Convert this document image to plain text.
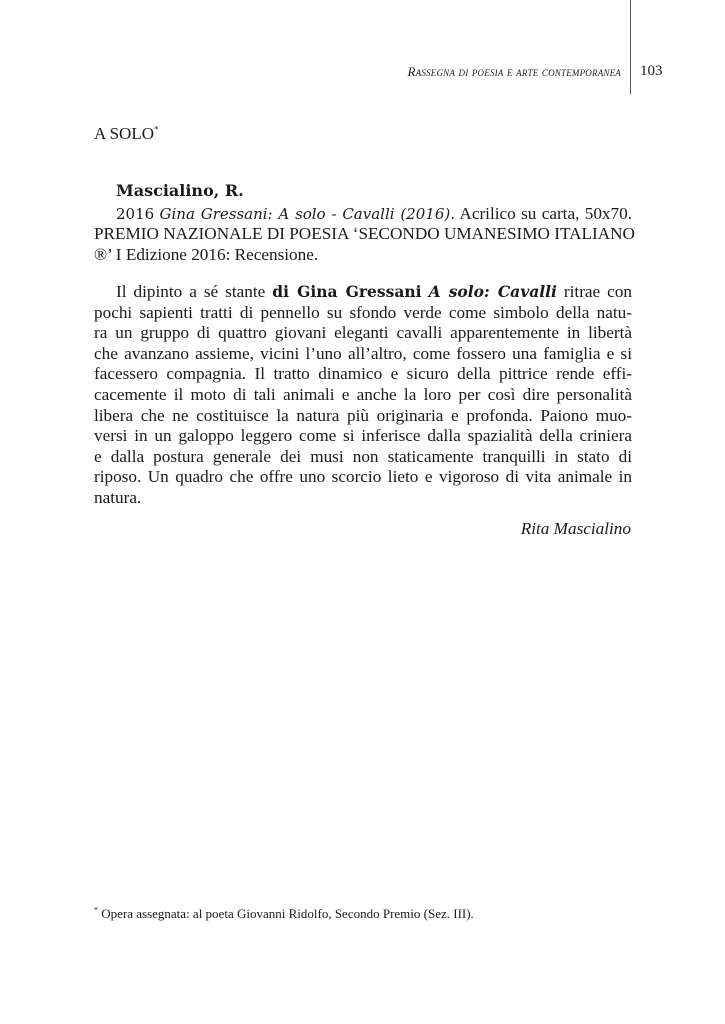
Rassegna di poesia e arte contemporanea 103
A SOLO*
Mascialino, R.
2016 Gina Gressani: A solo - Cavalli (2016). Acrilico su carta, 50x70.
PREMIO NAZIONALE DI POESIA ‘SECONDO UMANESIMO ITALIANO
®’ I Edizione 2016: Recensione.
Il dipinto a sé stante di Gina Gressani A solo: Cavalli ritrae con
pochi sapienti tratti di pennello su sfondo verde come simbolo della natu-
ra un gruppo di quattro giovani eleganti cavalli apparentemente in libertà
che avanzano assieme, vicini l’uno all’altro, come fossero una famiglia e si
facessero compagnia. Il tratto dinamico e sicuro della pittrice rende effi-
cacemente il moto di tali animali e anche la loro per così dire personalità
libera che ne costituisce la natura più originaria e profonda. Paiono muo-
versi in un galoppo leggero come si inferisce dalla spazialità della criniera
e dalla postura generale dei musi non staticamente tranquilli in stato di
riposo. Un quadro che offre uno scorcio lieto e vigoroso di vita animale in
natura.
Rita Mascialino
* Opera assegnata: al poeta Giovanni Ridolfo, Secondo Premio (Sez. III).
